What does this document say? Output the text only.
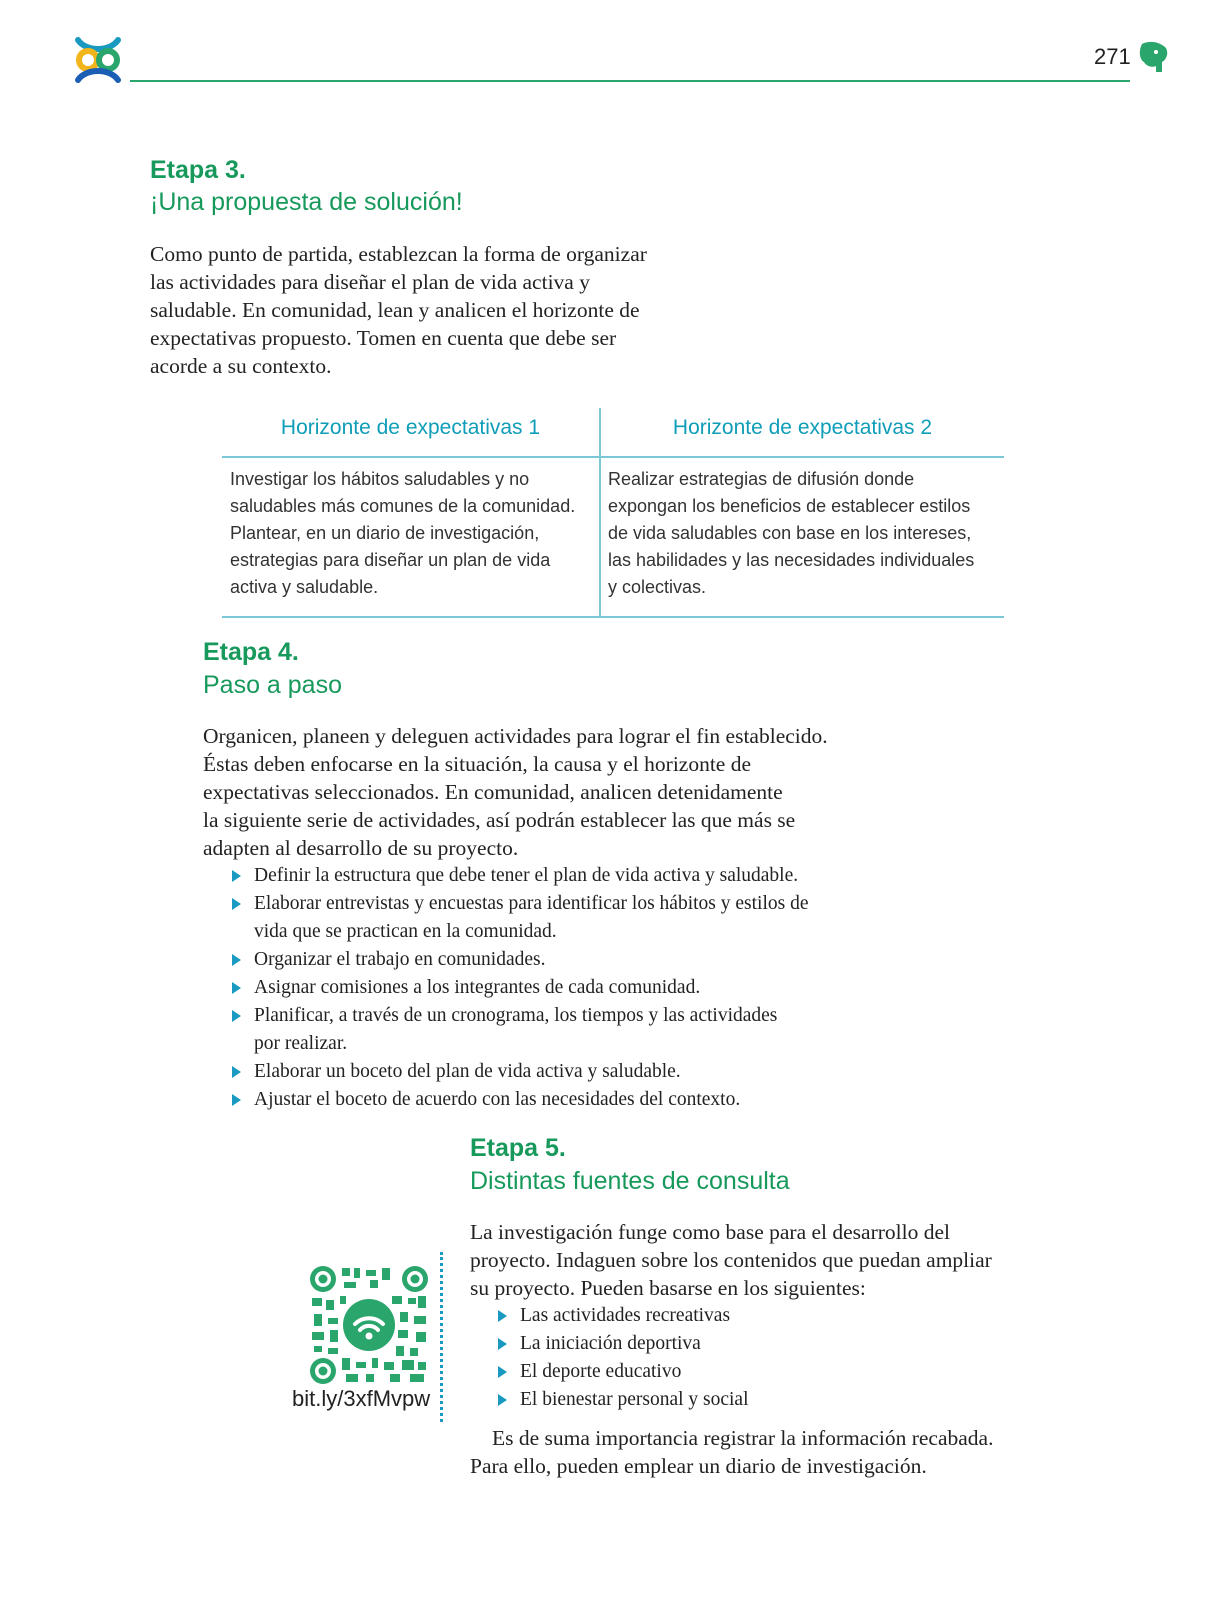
271
Etapa 3.
¡Una propuesta de solución!
Como punto de partida, establezcan la forma de organizar
las actividades para diseñar el plan de vida activa y
saludable. En comunidad, lean y analicen el horizonte de
expectativas propuesto. Tomen en cuenta que debe ser
acorde a su contexto.
Horizonte de expectativas 1	Horizonte de expectativas 2
Investigar los hábitos saludables y no
saludables más comunes de la comunidad.
Plantear, en un diario de investigación,
estrategias para diseñar un plan de vida
activa y saludable.
Realizar estrategias de difusión donde
expongan los beneficios de establecer estilos
de vida saludables con base en los intereses,
las habilidades y las necesidades individuales
y colectivas.
Etapa 4.
Paso a paso
Organicen, planeen y deleguen actividades para lograr el fin establecido.
Éstas deben enfocarse en la situación, la causa y el horizonte de
expectativas seleccionados. En comunidad, analicen detenidamente
la siguiente serie de actividades, así podrán establecer las que más se
adapten al desarrollo de su proyecto.
Definir la estructura que debe tener el plan de vida activa y saludable.
Elaborar entrevistas y encuestas para identificar los hábitos y estilos de
vida que se practican en la comunidad.
Organizar el trabajo en comunidades.
Asignar comisiones a los integrantes de cada comunidad.
Planificar, a través de un cronograma, los tiempos y las actividades
por realizar.
Elaborar un boceto del plan de vida activa y saludable.
Ajustar el boceto de acuerdo con las necesidades del contexto.
Etapa 5.
Distintas fuentes de consulta
La investigación funge como base para el desarrollo del
proyecto. Indaguen sobre los contenidos que puedan ampliar
su proyecto. Pueden basarse en los siguientes:
Las actividades recreativas
La iniciación deportiva
El deporte educativo
El bienestar personal y social
Es de suma importancia registrar la información recabada.
Para ello, pueden emplear un diario de investigación.
bit.ly/3xfMvpw
